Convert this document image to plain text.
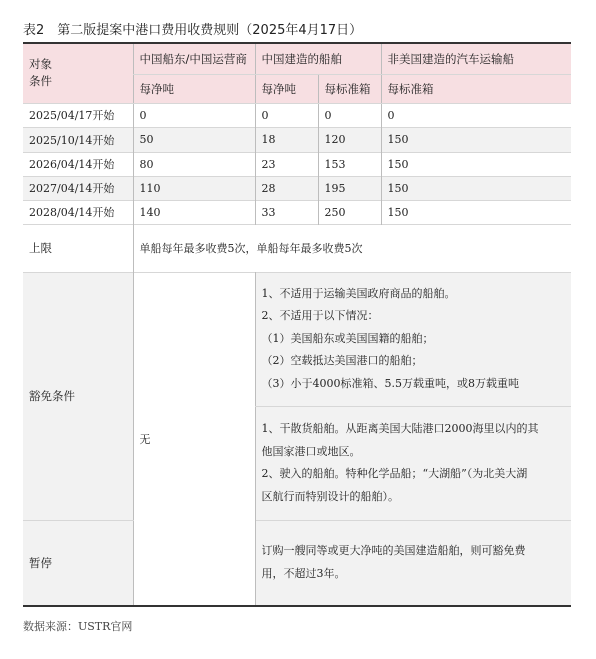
表2　第二版提案中港口费用收费规则（2025年4月17日）
对象
条件	中国船东/中国运营商	中国建造的船舶		非美国建造的汽车运输船
	每净吨	每净吨	每标准箱	每标准箱
2025/04/17开始	0	0	0	0
2025/10/14开始	50	18	120	150
2026/04/14开始	80	23	153	150
2027/04/14开始	110	28	195	150
2028/04/14开始	140	33	250	150
上限	单船每年最多收费5次，单船每年最多收费5次			
豁免条件	无	1、不适用于运输美国政府商品的船舶。

2、不适用于以下情况：

（1）美国船东或美国国籍的船舶；

（2）空载抵达美国港口的船舶；

（3）小于4000标准箱、5.5万载重吨，或8万载重吨		

		1、干散货船舶。从距离美国大陆港口2000海里以内的其

他国家港口或地区。

2、驶入的船舶。特种化学品船；“大湖船”（为北美大湖

区航行而特别设计的船舶）。		

暂停		订购一艘同等或更大净吨的美国建造船舶，则可豁免费

用，不超过3年。		

数据来源：USTR官网
